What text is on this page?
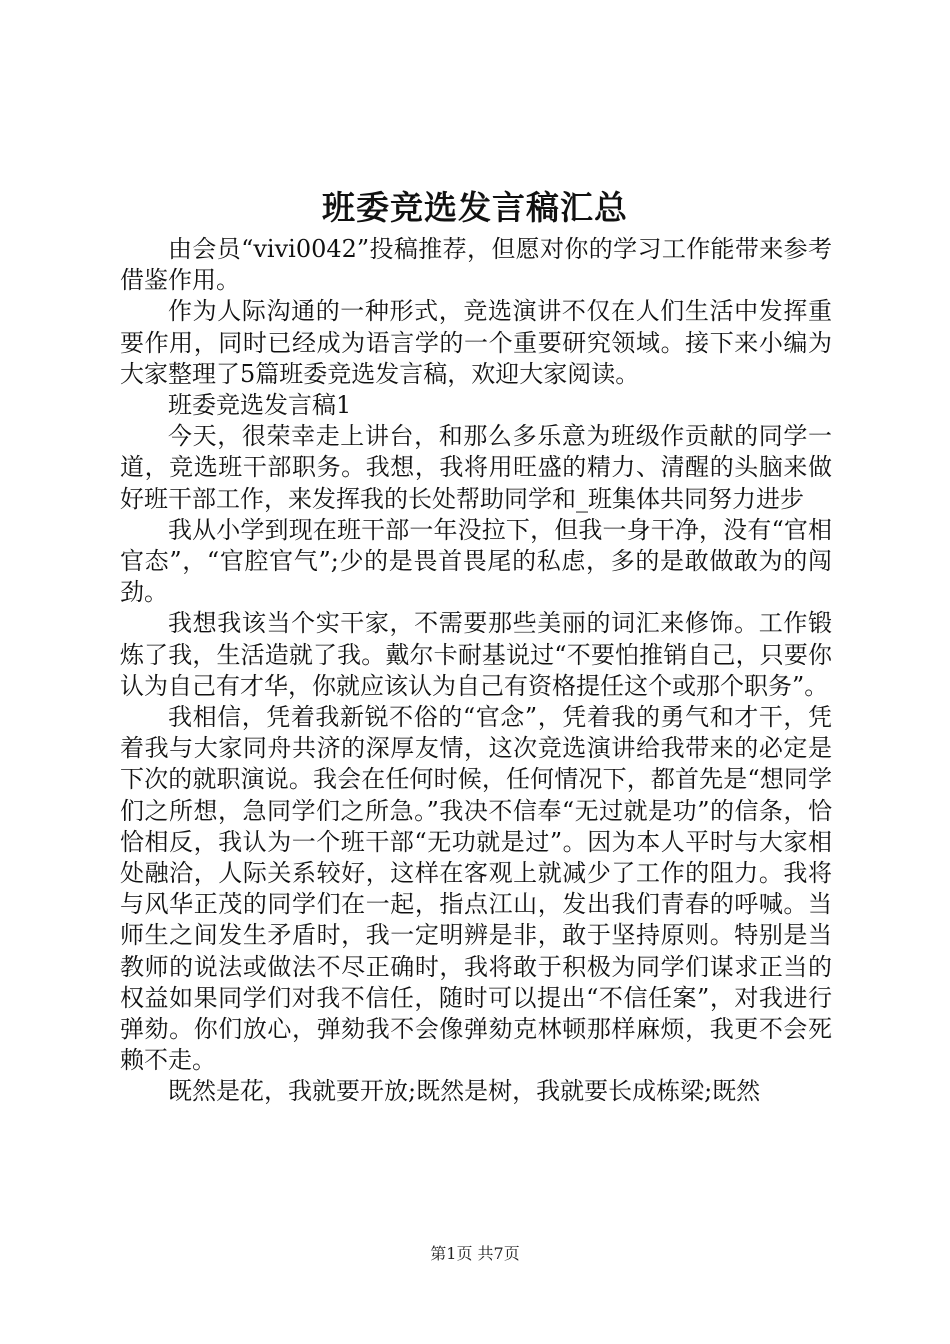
班委竞选发言稿汇总

由会员“vivi0042”投稿推荐，但愿对你的学习工作能带来参考借鉴作用。

作为人际沟通的一种形式，竞选演讲不仅在人们生活中发挥重要作用，同时已经成为语言学的一个重要研究领域。接下来小编为大家整理了5篇班委竞选发言稿，欢迎大家阅读。

班委竞选发言稿1

今天，很荣幸走上讲台，和那么多乐意为班级作贡献的同学一道，竞选班干部职务。我想，我将用旺盛的精力、清醒的头脑来做好班干部工作，来发挥我的长处帮助同学和_班集体共同努力进步

我从小学到现在班干部一年没拉下，但我一身干净，没有“官相官态”，“官腔官气”;少的是畏首畏尾的私虑，多的是敢做敢为的闯劲。

我想我该当个实干家，不需要那些美丽的词汇来修饰。工作锻炼了我，生活造就了我。戴尔卡耐基说过“不要怕推销自己，只要你认为自己有才华，你就应该认为自己有资格提任这个或那个职务”。

我相信，凭着我新锐不俗的“官念”，凭着我的勇气和才干，凭着我与大家同舟共济的深厚友情，这次竞选演讲给我带来的必定是下次的就职演说。我会在任何时候，任何情况下，都首先是“想同学们之所想，急同学们之所急。”我决不信奉“无过就是功”的信条，恰恰相反，我认为一个班干部“无功就是过”。因为本人平时与大家相处融洽，人际关系较好，这样在客观上就减少了工作的阻力。我将与风华正茂的同学们在一起，指点江山，发出我们青春的呼喊。当师生之间发生矛盾时，我一定明辨是非，敢于坚持原则。特别是当教师的说法或做法不尽正确时，我将敢于积极为同学们谋求正当的权益如果同学们对我不信任，随时可以提出“不信任案”，对我进行弹劾。你们放心，弹劾我不会像弹劾克林顿那样麻烦，我更不会死赖不走。

既然是花，我就要开放;既然是树，我就要长成栋梁;既然

第1页 共7页
